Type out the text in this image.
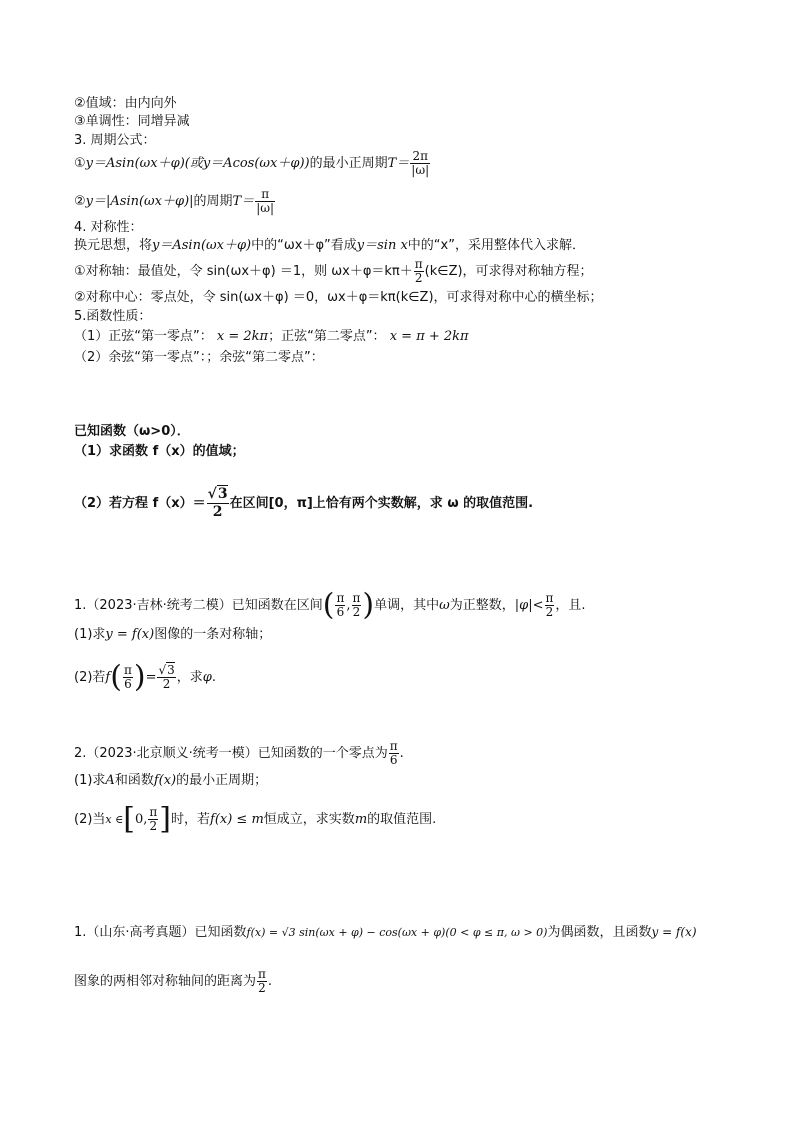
②值域：由内向外
③单调性：同增异减
3. 周期公式：
①y＝Asin(ωx＋φ)(或y＝Acos(ωx＋φ))的最小正周期$T= \frac{2\pi}{|\omega|}$
②y＝|Asin(ωx＋φ)|的周期$T= \frac{\pi}{|\omega|}$
4. 对称性：
换元思想，将y＝Asin(ωx＋φ)中的“ωx＋φ”看成y＝sin x中的“x”，采用整体代入求解．
①对称轴：最值处，令 sin(ωx＋φ) ＝1，则 $\omega x+\varphi=k\pi+ \frac{\pi}{2}$ (k∈Z)，可求得对称轴方程；
②对称中心：零点处，令 sin(ωx＋φ) ＝0，ωx＋φ＝kπ(k∈Z)，可求得对称中心的横坐标；
5.函数性质：
（1）正弦“第一零点”： x = 2kπ；正弦“第二零点”： x = π + 2kπ
（2）余弦“第一零点”：；余弦“第二零点”：
已知函数（ω>0）．
（1）求函数 f（x）的值域；
（2）若方程 $f(x)= \frac{√3}{2}$ 在区间[0，π]上恰有两个实数解，求 ω 的取值范围.
1.（2023·吉林·统考二模）已知函数在区间( $\frac{\pi}{6}$ , $\frac{\pi}{2}$ )单调，其中ω为正整数，$|\varphi|< \frac{\pi}{2}$ ，且.
(1)求y = f(x)图像的一条对称轴；
(2)若$f( \frac{\pi}{6}$ )= $\frac{√3}{2}$ ，求φ.
2.（2023·北京顺义·统考一模）已知函数的一个零点为 $\frac{\pi}{6}$ .
(1)求A和函数f(x)的最小正周期；
(2)当x ∈[0, $\frac{\pi}{2}$ ]时，若f(x) ≤ m恒成立，求实数m的取值范围.
1.（山东·高考真题）已知函数f(x) = √3 sin(ωx + φ) − cos(ωx + φ)(0 < φ ≤ π, ω > 0)为偶函数，且函数y = f(x)
图象的两相邻对称轴间的距离为 $\frac{\pi}{2}$ .
